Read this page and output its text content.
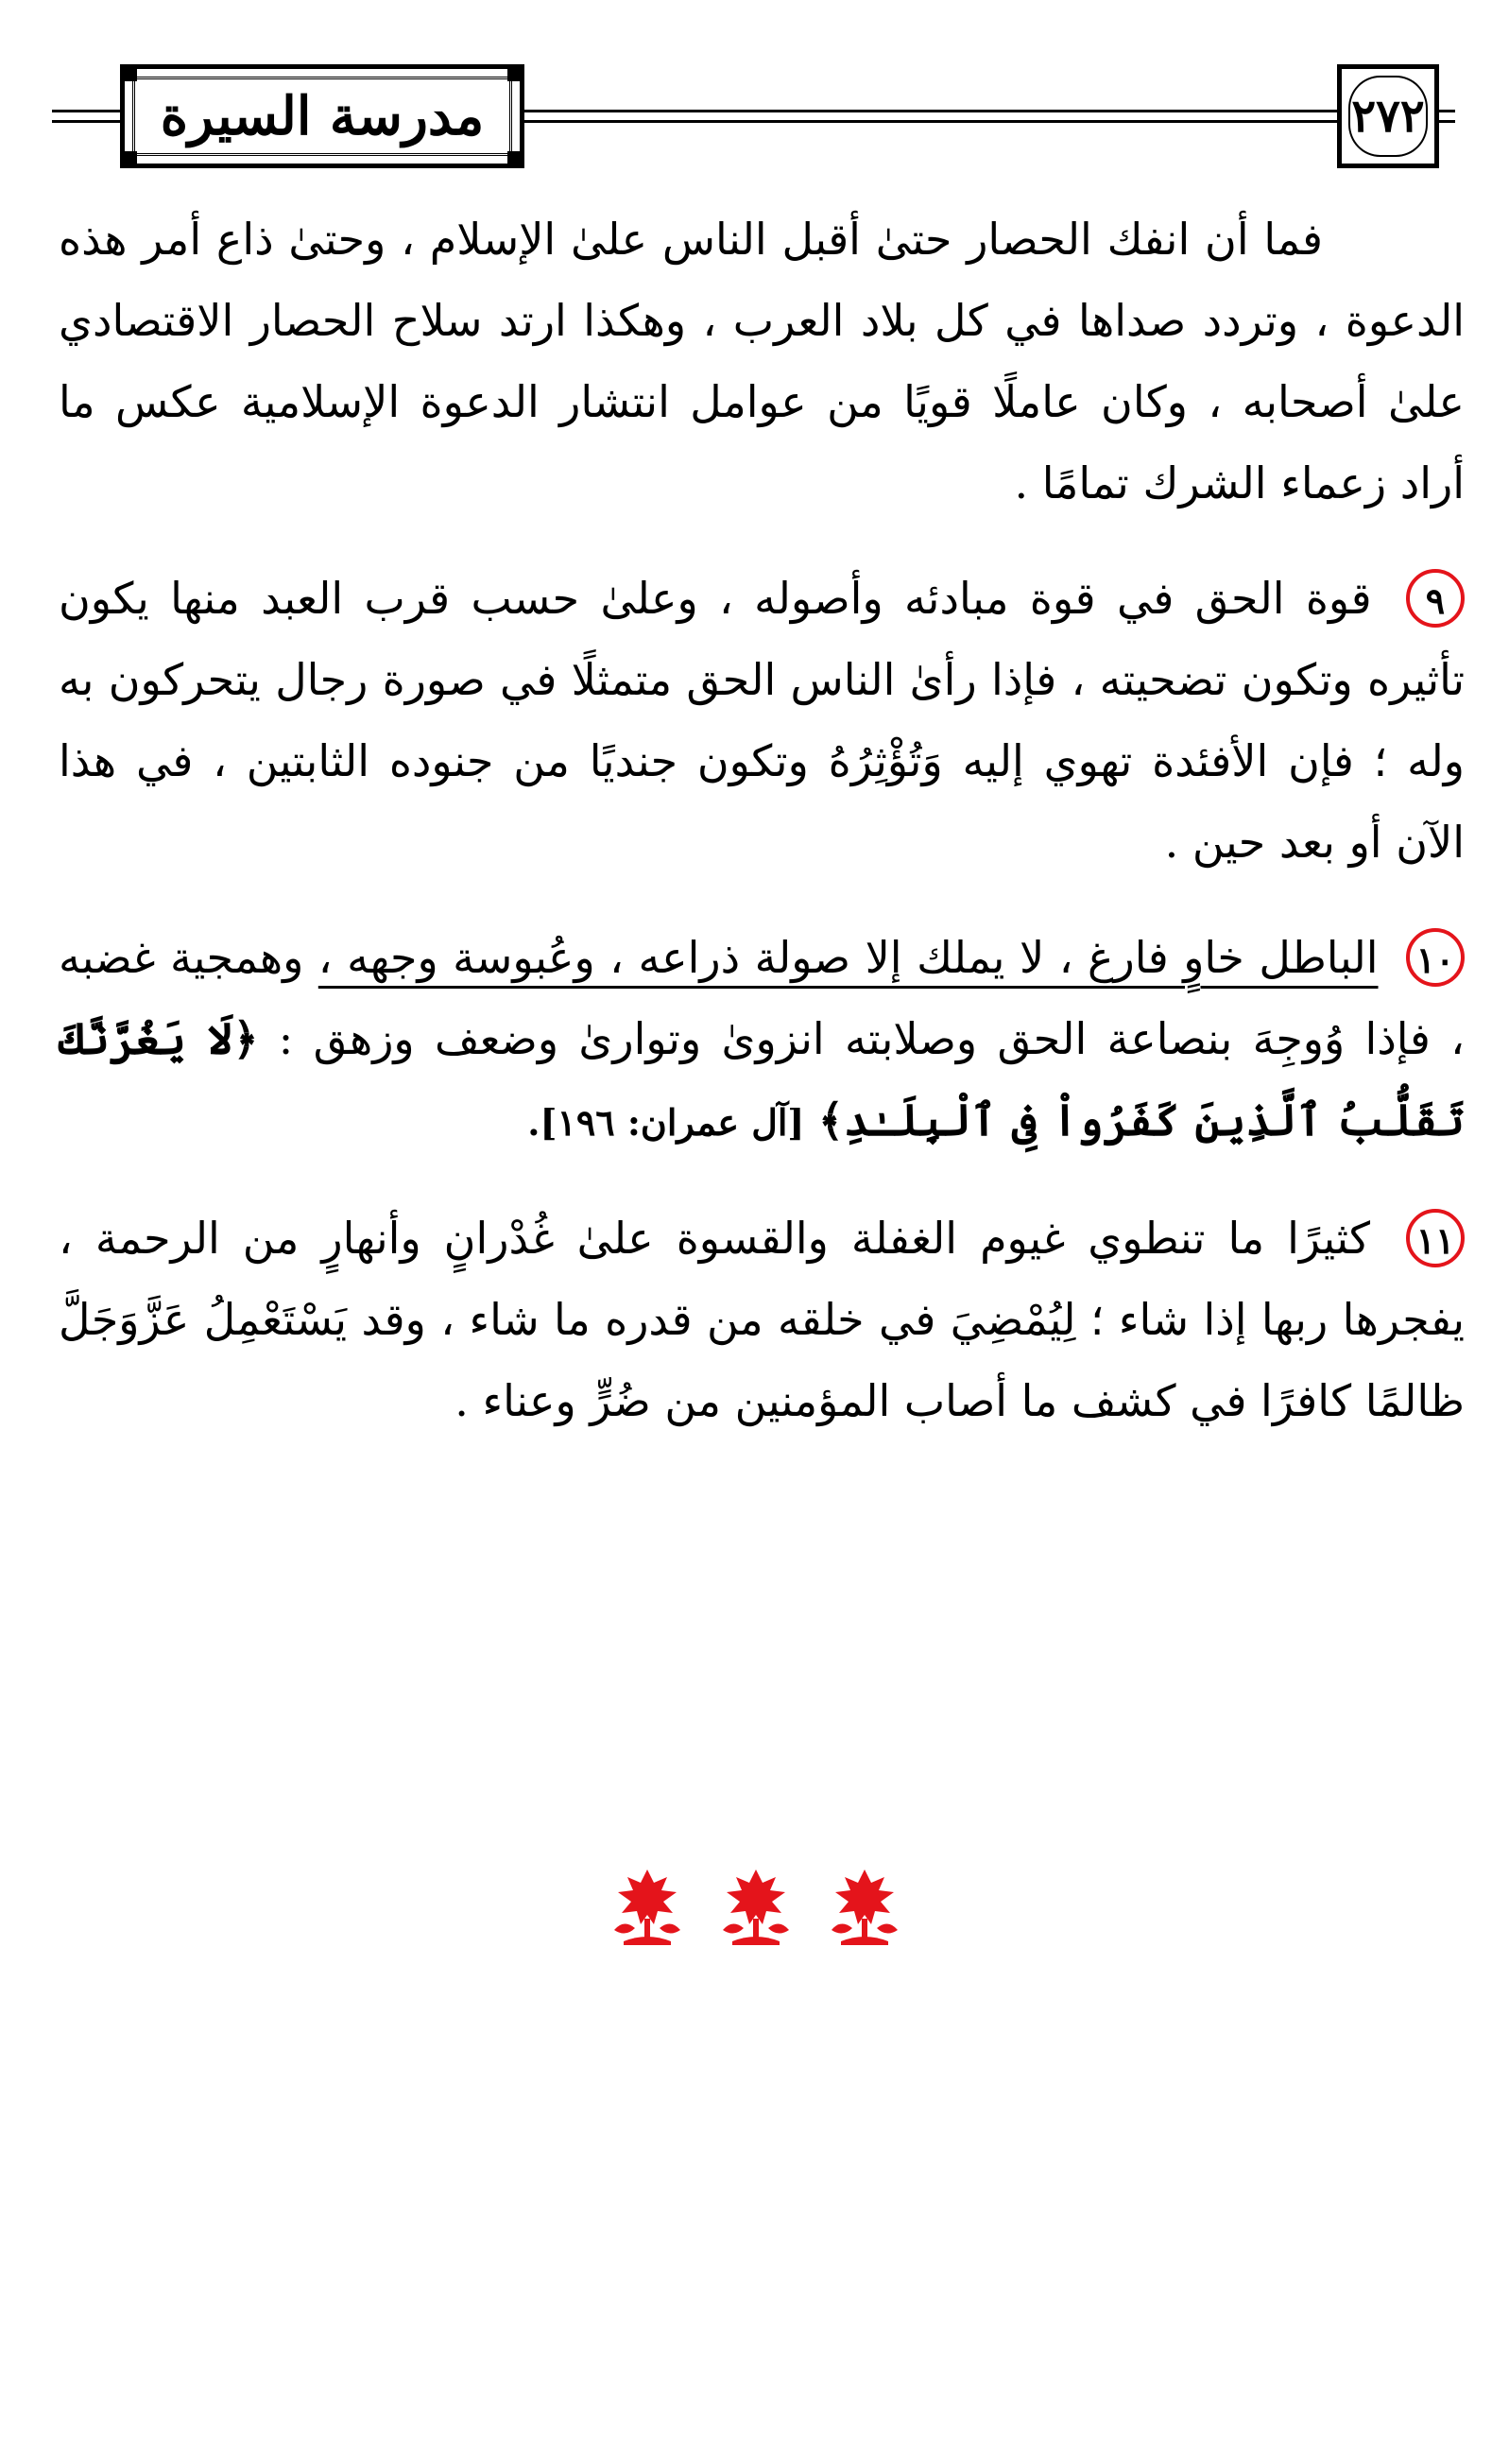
مدرسة السيرة	٢٧٢

فما أن انفك الحصار حتىٰ أقبل الناس علىٰ الإسلام ، وحتىٰ ذاع أمر هذه الدعوة ، وتردد صداها في كل بلاد العرب ، وهكذا ارتد سلاح الحصار الاقتصادي علىٰ أصحابه ، وكان عاملًا قويًا من عوامل انتشار الدعوة الإسلامية عكس ما أراد زعماء الشرك تمامًا .

٩ قوة الحق في قوة مبادئه وأصوله ، وعلىٰ حسب قرب العبد منها يكون تأثيره وتكون تضحيته ، فإذا رأىٰ الناس الحق متمثلًا في صورة رجال يتحركون به وله ؛ فإن الأفئدة تهوي إليه وَتُؤْثِرُهُ وتكون جنديًا من جنوده الثابتين ، في هذا الآن أو بعد حين .

١٠ الباطل خاوٍ فارغ ، لا يملك إلا صولة ذراعه ، وعُبوسة وجهه ، وهمجية غضبه ، فإذا وُوجِهَ بنصاعة الحق وصلابته انزوىٰ وتوارىٰ وضعف وزهق : ﴿لَا يَغُرَّنَّكَ تَقَلُّبُ ٱلَّذِينَ كَفَرُواْ فِى ٱلْبِلَـٰدِ﴾ [آل عمران: ١٩٦].

١١ كثيرًا ما تنطوي غيوم الغفلة والقسوة علىٰ غُدْرانٍ وأنهارٍ من الرحمة ، يفجرها ربها إذا شاء ؛ لِيُمْضِيَ في خلقه من قدره ما شاء ، وقد يَسْتَعْمِلُ عَزَّوَجَلَّ ظالمًا كافرًا في كشف ما أصاب المؤمنين من ضُرٍّ وعناء .
